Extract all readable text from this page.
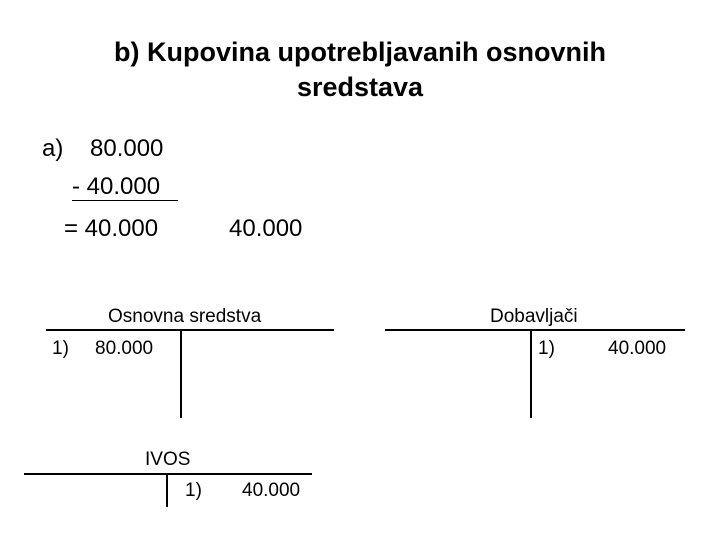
b) Kupovina upotrebljavanih osnovnih
sredstava
a) 80.000
- 40.000
= 40.000	40.000
Osnovna sredstva
1) 80.000
Dobavljači
1)	40.000
IVOS
1) 40.000
